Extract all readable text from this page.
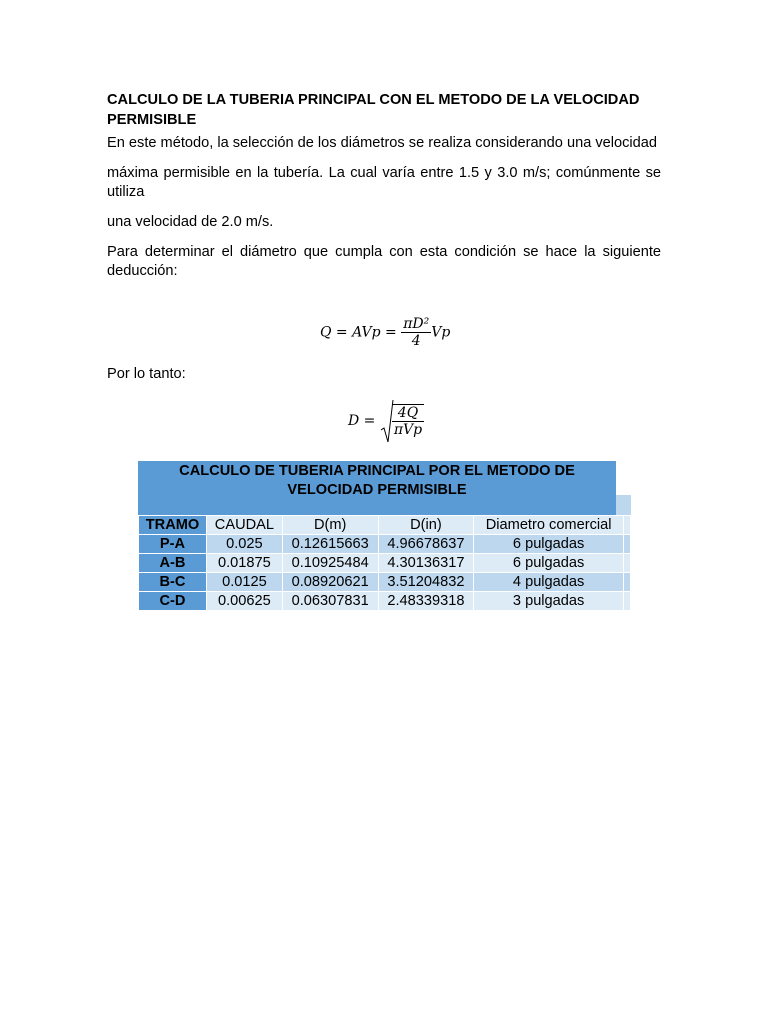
CALCULO DE LA TUBERIA PRINCIPAL CON EL METODO DE LA VELOCIDAD PERMISIBLE

En este método, la selección de los diámetros se realiza considerando una velocidad

máxima permisible en la tubería. La cual varía entre 1.5 y 3.0 m/s; comúnmente se utiliza

una velocidad de 2.0 m/s.

Para determinar el diámetro que cumpla con esta condición se hace la siguiente deducción:

Q = AVp = $\frac{\text{πD²}}{4}$ Vp
Por lo tanto:
$D = \frac{4Q}{\text{πVp}}$
CALCULO DE TUBERIA PRINCIPAL POR EL METODO DE VELOCIDAD PERMISIBLE
TRAMO	CAUDAL	D(m)	D(in)	Diametro comercial	
P-A	0.025	0.12615663	4.96678637	6 pulgadas	
A-B	0.01875	0.10925484	4.30136317	6 pulgadas	
B-C	0.0125	0.08920621	3.51204832	4 pulgadas	
C-D	0.00625	0.06307831	2.48339318	3 pulgadas	
